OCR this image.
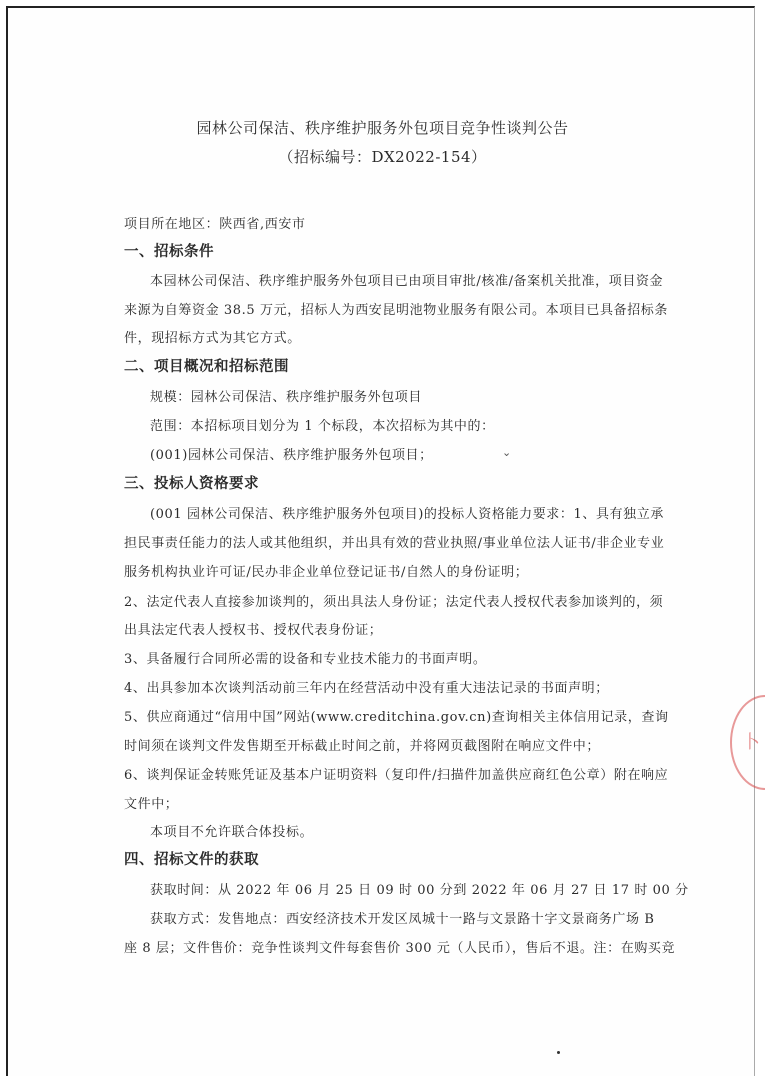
园林公司保洁、秩序维护服务外包项目竞争性谈判公告
（招标编号：DX2022-154）
项目所在地区：陕西省,西安市
一、招标条件
本园林公司保洁、秩序维护服务外包项目已由项目审批/核准/备案机关批准，项目资金
来源为自筹资金 38.5 万元，招标人为西安昆明池物业服务有限公司。本项目已具备招标条
件，现招标方式为其它方式。
二、项目概况和招标范围
规模：园林公司保洁、秩序维护服务外包项目
范围：本招标项目划分为 1 个标段，本次招标为其中的：
(001)园林公司保洁、秩序维护服务外包项目；	⌄
三、投标人资格要求
(001 园林公司保洁、秩序维护服务外包项目)的投标人资格能力要求：1、具有独立承
担民事责任能力的法人或其他组织，并出具有效的营业执照/事业单位法人证书/非企业专业
服务机构执业许可证/民办非企业单位登记证书/自然人的身份证明；
2、法定代表人直接参加谈判的，须出具法人身份证；法定代表人授权代表参加谈判的，须
出具法定代表人授权书、授权代表身份证；
3、具备履行合同所必需的设备和专业技术能力的书面声明。
4、出具参加本次谈判活动前三年内在经营活动中没有重大违法记录的书面声明；
5、供应商通过“信用中国”网站(www.creditchina.gov.cn)查询相关主体信用记录，查询
时间须在谈判文件发售期至开标截止时间之前，并将网页截图附在响应文件中；
6、谈判保证金转账凭证及基本户证明资料（复印件/扫描件加盖供应商红色公章）附在响应
文件中；
本项目不允许联合体投标。
四、招标文件的获取
获取时间：从 2022 年 06 月 25 日 09 时 00 分到 2022 年 06 月 27 日 17 时 00 分
获取方式：发售地点：西安经济技术开发区凤城十一路与文景路十字文景商务广场 B
座 8 层；文件售价：竞争性谈判文件每套售价 300 元（人民币），售后不退。注：在购买竞
卜
